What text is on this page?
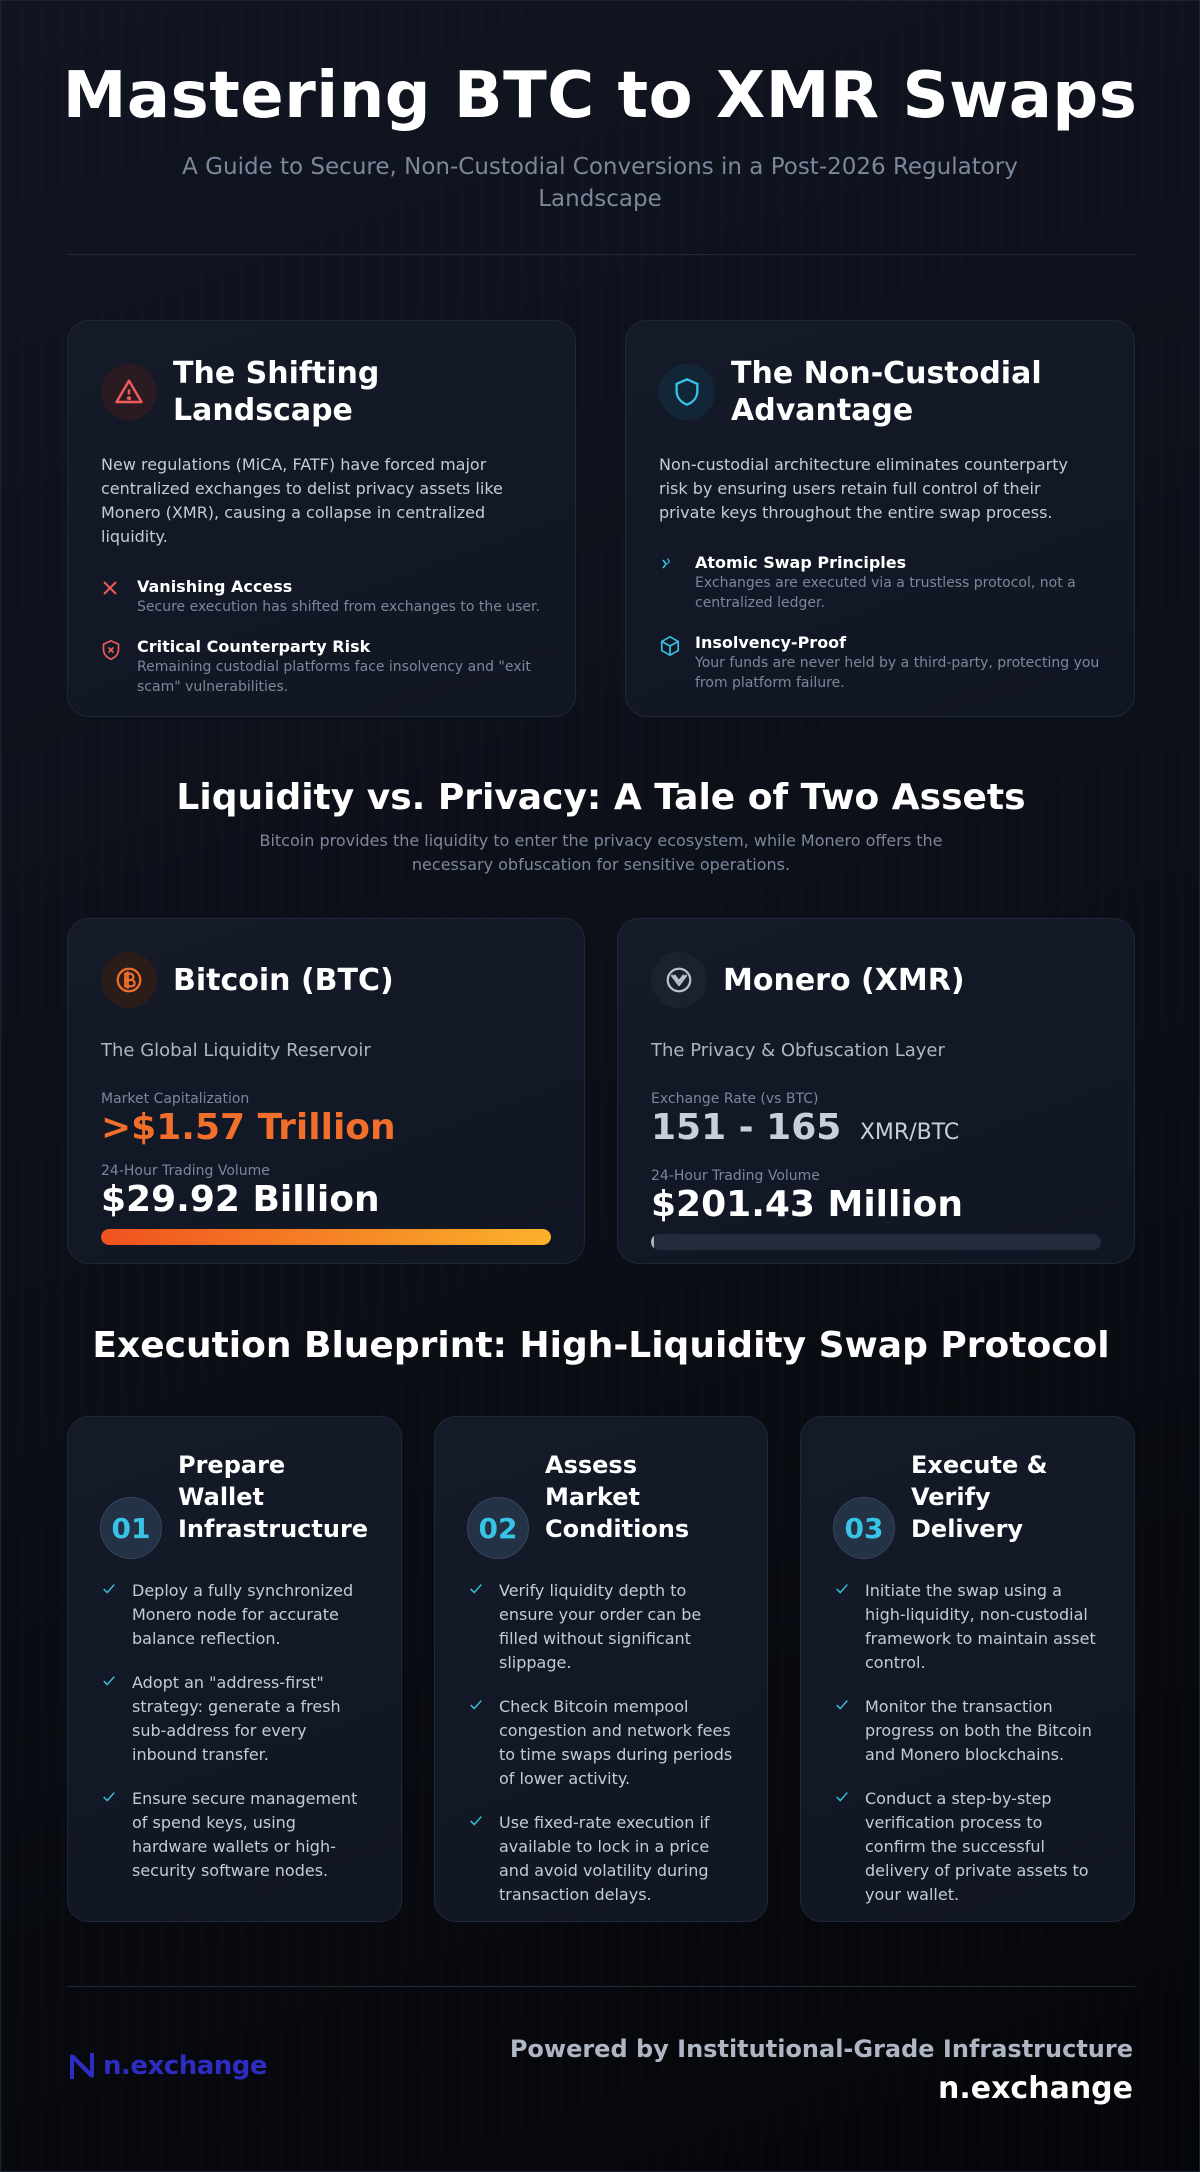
Mastering BTC to XMR Swaps
A Guide to Secure, Non-Custodial Conversions in a Post-2026 Regulatory Landscape
The Shifting Landscape
New regulations (MiCA, FATF) have forced major centralized exchanges to delist privacy assets like Monero (XMR), causing a collapse in centralized liquidity.
Vanishing Access
Secure execution has shifted from exchanges to the user.
Critical Counterparty Risk
Remaining custodial platforms face insolvency and "exit scam" vulnerabilities.
The Non-Custodial Advantage
Non-custodial architecture eliminates counterparty risk by ensuring users retain full control of their private keys throughout the entire swap process.
Atomic Swap Principles
Exchanges are executed via a trustless protocol, not a centralized ledger.
Insolvency-Proof
Your funds are never held by a third-party, protecting you from platform failure.
Liquidity vs. Privacy: A Tale of Two Assets
Bitcoin provides the liquidity to enter the privacy ecosystem, while Monero offers the necessary obfuscation for sensitive operations.
Bitcoin (BTC)
The Global Liquidity Reservoir
Market Capitalization
>$1.57 Trillion
24-Hour Trading Volume
$29.92 Billion
Monero (XMR)
The Privacy & Obfuscation Layer
Exchange Rate (vs BTC)
151 - 165 XMR/BTC
24-Hour Trading Volume
$201.43 Million
Execution Blueprint: High-Liquidity Swap Protocol
01
Prepare Wallet Infrastructure
Deploy a fully synchronized Monero node for accurate balance reflection.
Adopt an "address-first" strategy: generate a fresh sub-address for every inbound transfer.
Ensure secure management of spend keys, using hardware wallets or high-security software nodes.
02
Assess Market Conditions
Verify liquidity depth to ensure your order can be filled without significant slippage.
Check Bitcoin mempool congestion and network fees to time swaps during periods of lower activity.
Use fixed-rate execution if available to lock in a price and avoid volatility during transaction delays.
03
Execute & Verify Delivery
Initiate the swap using a high-liquidity, non-custodial framework to maintain asset control.
Monitor the transaction progress on both the Bitcoin and Monero blockchains.
Conduct a step-by-step verification process to confirm the successful delivery of private assets to your wallet.
n.exchange
Powered by Institutional-Grade Infrastructure
n.exchange
